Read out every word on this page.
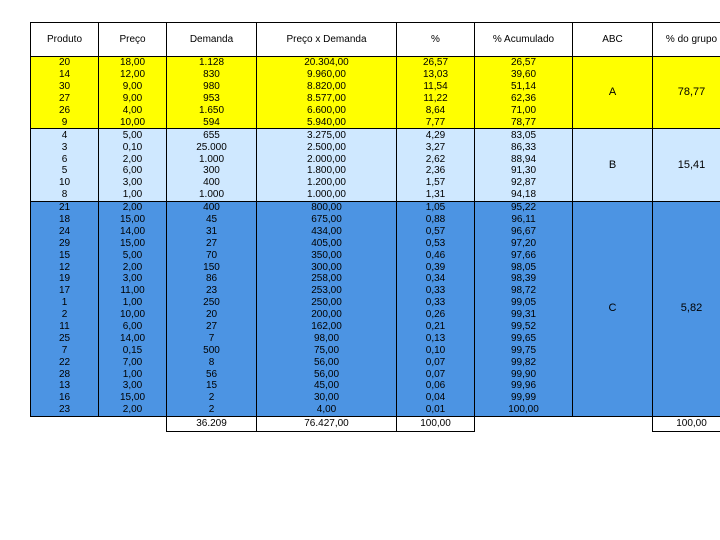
Produto	Preço	Demanda	Preço x Demanda	%	% Acumulado	ABC	% do grupo
20	18,00	1.128	20.304,00	26,57	26,57	A	78,77
14	12,00	830	9.960,00	13,03	39,60		
30	9,00	980	8.820,00	11,54	51,14		
27	9,00	953	8.577,00	11,22	62,36		
26	4,00	1.650	6.600,00	8,64	71,00		
9	10,00	594	5.940,00	7,77	78,77		
4	5,00	655	3.275,00	4,29	83,05	B	15,41
3	0,10	25.000	2.500,00	3,27	86,33		
6	2,00	1.000	2.000,00	2,62	88,94		
5	6,00	300	1.800,00	2,36	91,30		
10	3,00	400	1.200,00	1,57	92,87		
8	1,00	1.000	1.000,00	1,31	94,18		
21	2,00	400	800,00	1,05	95,22	C	5,82
18	15,00	45	675,00	0,88	96,11		
24	14,00	31	434,00	0,57	96,67		
29	15,00	27	405,00	0,53	97,20		
15	5,00	70	350,00	0,46	97,66		
12	2,00	150	300,00	0,39	98,05		
19	3,00	86	258,00	0,34	98,39		
17	11,00	23	253,00	0,33	98,72		
1	1,00	250	250,00	0,33	99,05		
2	10,00	20	200,00	0,26	99,31		
11	6,00	27	162,00	0,21	99,52		
25	14,00	7	98,00	0,13	99,65		
7	0,15	500	75,00	0,10	99,75		
22	7,00	8	56,00	0,07	99,82		
28	1,00	56	56,00	0,07	99,90		
13	3,00	15	45,00	0,06	99,96		
16	15,00	2	30,00	0,04	99,99		
23	2,00	2	4,00	0,01	100,00		
		36.209	76.427,00	100,00			100,00
